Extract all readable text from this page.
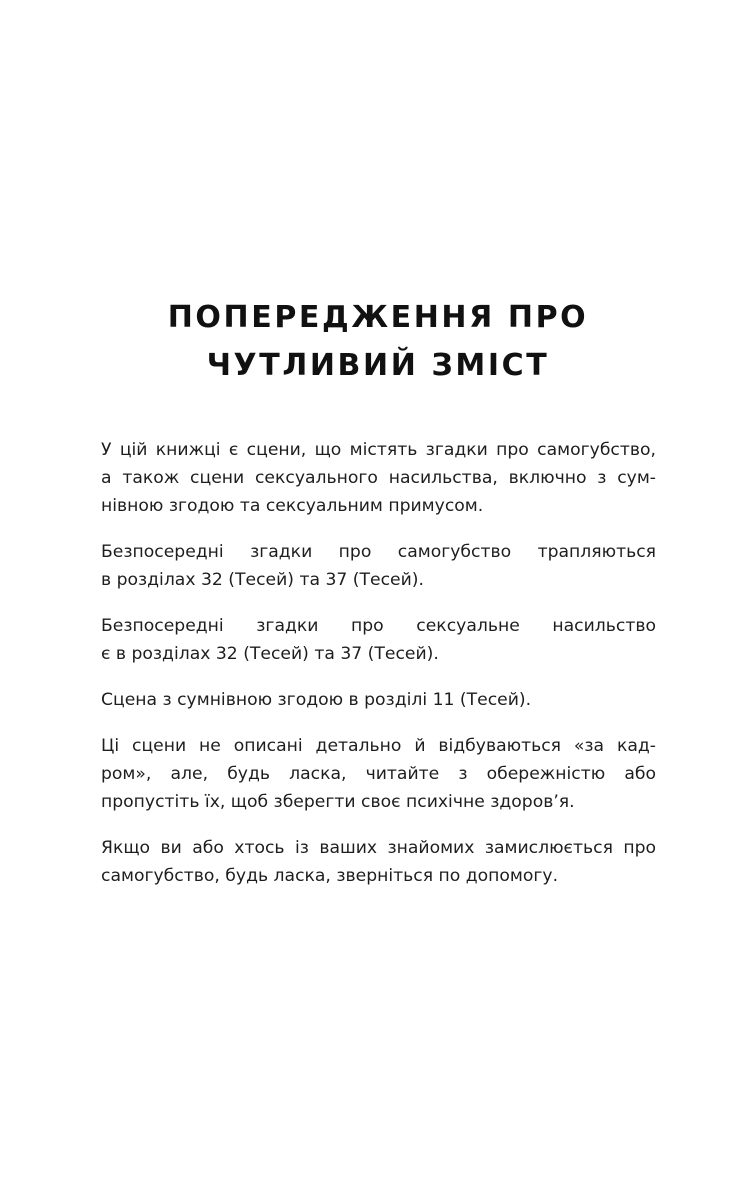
ПОПЕРЕДЖЕННЯ ПРО
ЧУТЛИВИЙ ЗМІСТ

У цій книжці є сцени, що містять згадки про самогубство,
а також сцени сексуального насильства, включно з сум-
нівною згодою та сексуальним примусом.

Безпосередні згадки про самогубство трапляються
в розділах 32 (Тесей) та 37 (Тесей).

Безпосередні згадки про сексуальне насильство
є в розділах 32 (Тесей) та 37 (Тесей).

Сцена з сумнівною згодою в розділі 11 (Тесей).

Ці сцени не описані детально й відбуваються «за кад-
ром», але, будь ласка, читайте з обережністю або
пропустіть їх, щоб зберегти своє психічне здоров’я.

Якщо ви або хтось із ваших знайомих замислюється про
самогубство, будь ласка, зверніться по допомогу.
